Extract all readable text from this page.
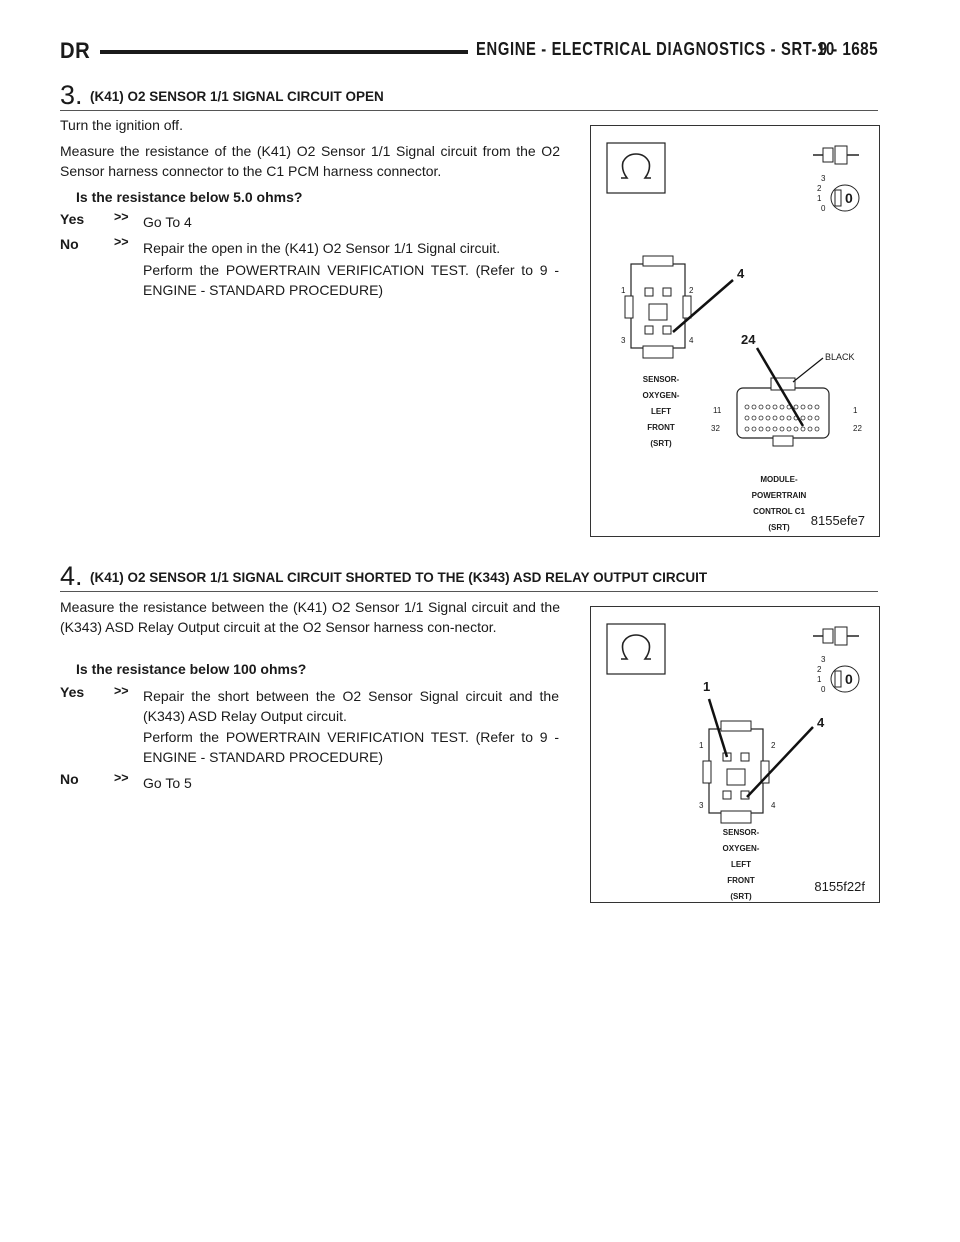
DR	ENGINE - ELECTRICAL DIAGNOSTICS - SRT-10
9 - 1685
3. (K41) O2 SENSOR 1/1 SIGNAL CIRCUIT OPEN

Turn the ignition off.

Measure the resistance of the (K41) O2 Sensor 1/1 Signal circuit from the O2 Sensor harness connector to the C1 PCM harness connector.

Is the resistance below 5.0 ohms?
Yes >> Go To 4
No	>> Repair the open in the (K41) O2 Sensor 1/1 Signal circuit.
Perform the POWERTRAIN VERIFICATION TEST. (Refer to 9 - ENGINE - STANDARD PROCEDURE)
8155efe7
0
3
2
1
0
4
24
BLACK
1	2
3	4
SENSOR-
OXYGEN-
LEFT
FRONT
(SRT)
11	1
32	22
MODULE-
POWERTRAIN
CONTROL C1
(SRT)
4. (K41) O2 SENSOR 1/1 SIGNAL CIRCUIT SHORTED TO THE (K343) ASD RELAY OUTPUT CIRCUIT

Measure the resistance between the (K41) O2 Sensor 1/1 Signal circuit and the (K343) ASD Relay Output circuit at the O2 Sensor harness con-nector.

Is the resistance below 100 ohms?
Yes >> Repair the short between the O2 Sensor Signal circuit and the (K343) ASD Relay Output circuit.
Perform the POWERTRAIN VERIFICATION TEST. (Refer to 9 - ENGINE - STANDARD PROCEDURE)
No	>> Go To 5
8155f22f
0
3
2
1
0
1
4
1	2
3	4
SENSOR-
OXYGEN-
LEFT
FRONT
(SRT)
